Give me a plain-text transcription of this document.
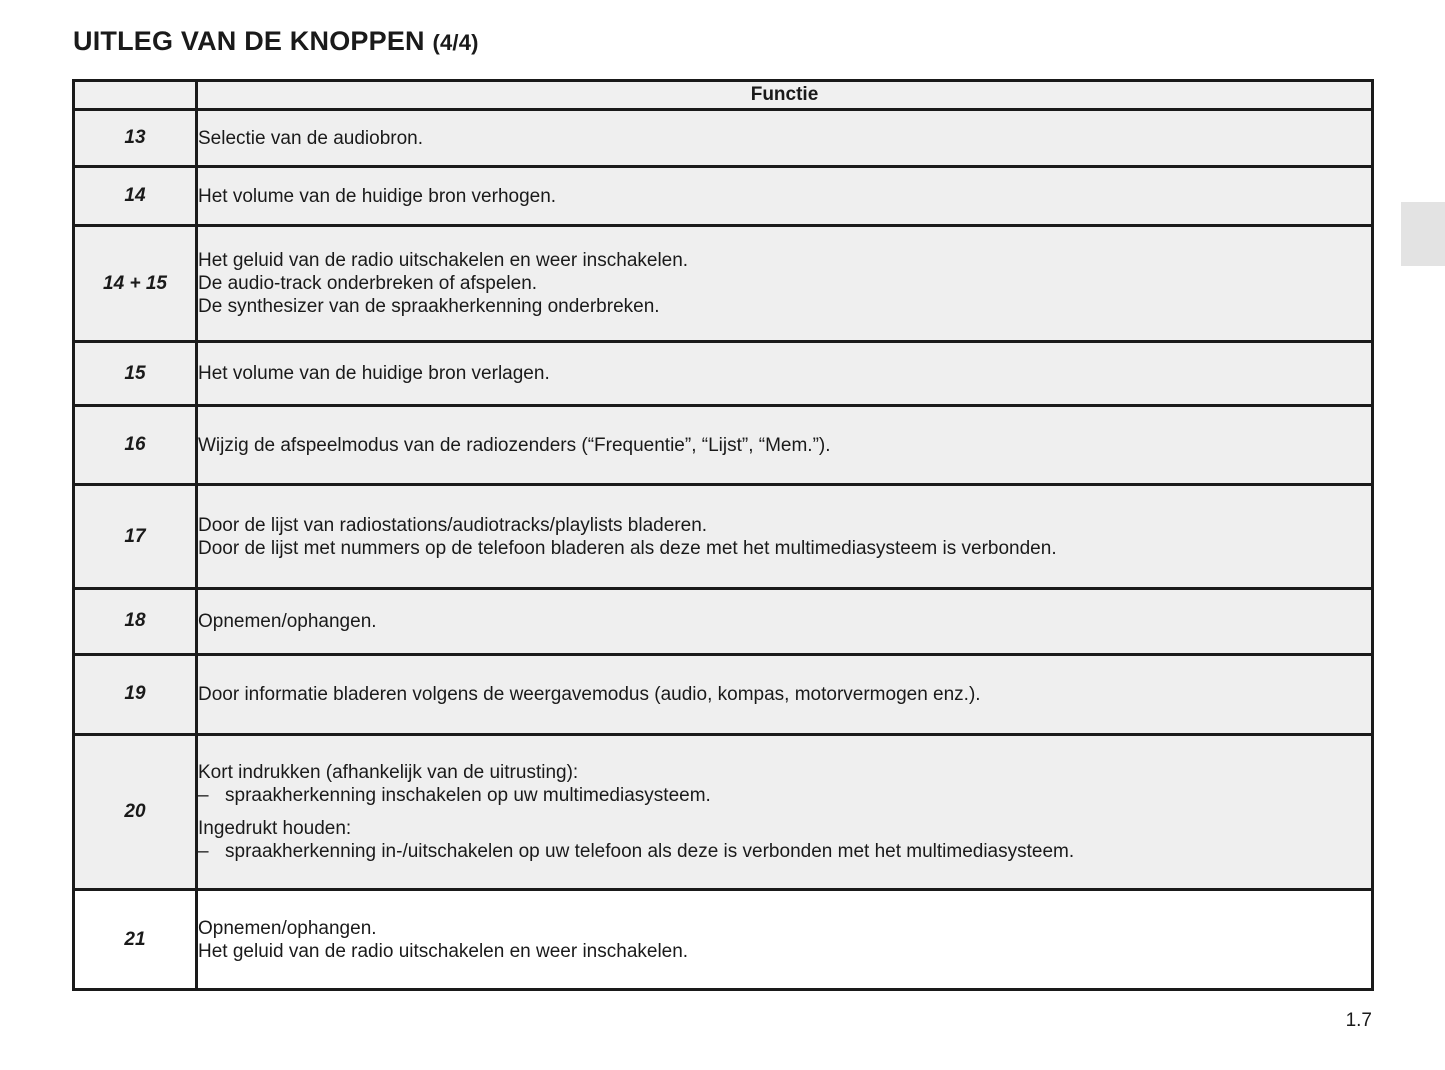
UITLEG VAN DE KNOPPEN (4/4)
	Functie
13	Selectie van de audiobron.

14	Het volume van de huidige bron verhogen.

14 + 15	Het geluid van de radio uitschakelen en weer inschakelen.
De audio-track onderbreken of afspelen.
De synthesizer van de spraakherkenning onderbreken.

15	Het volume van de huidige bron verlagen.

16	Wijzig de afspeelmodus van de radiozenders (“Frequentie”, “Lijst”, “Mem.”).

17	Door de lijst van radiostations/audiotracks/playlists bladeren.
Door de lijst met nummers op de telefoon bladeren als deze met het multimediasysteem is verbonden.

18	Opnemen/ophangen.

19	Door informatie bladeren volgens de weergavemodus (audio, kompas, motorvermogen enz.).

20	Kort indrukken (afhankelijk van de uitrusting):
– spraakherkenning inschakelen op uw multimediasysteem.
Ingedrukt houden:
– spraakherkenning in-/uitschakelen op uw telefoon als deze is verbonden met het multimediasysteem.

21	Opnemen/ophangen.
Het geluid van de radio uitschakelen en weer inschakelen.
1.7
